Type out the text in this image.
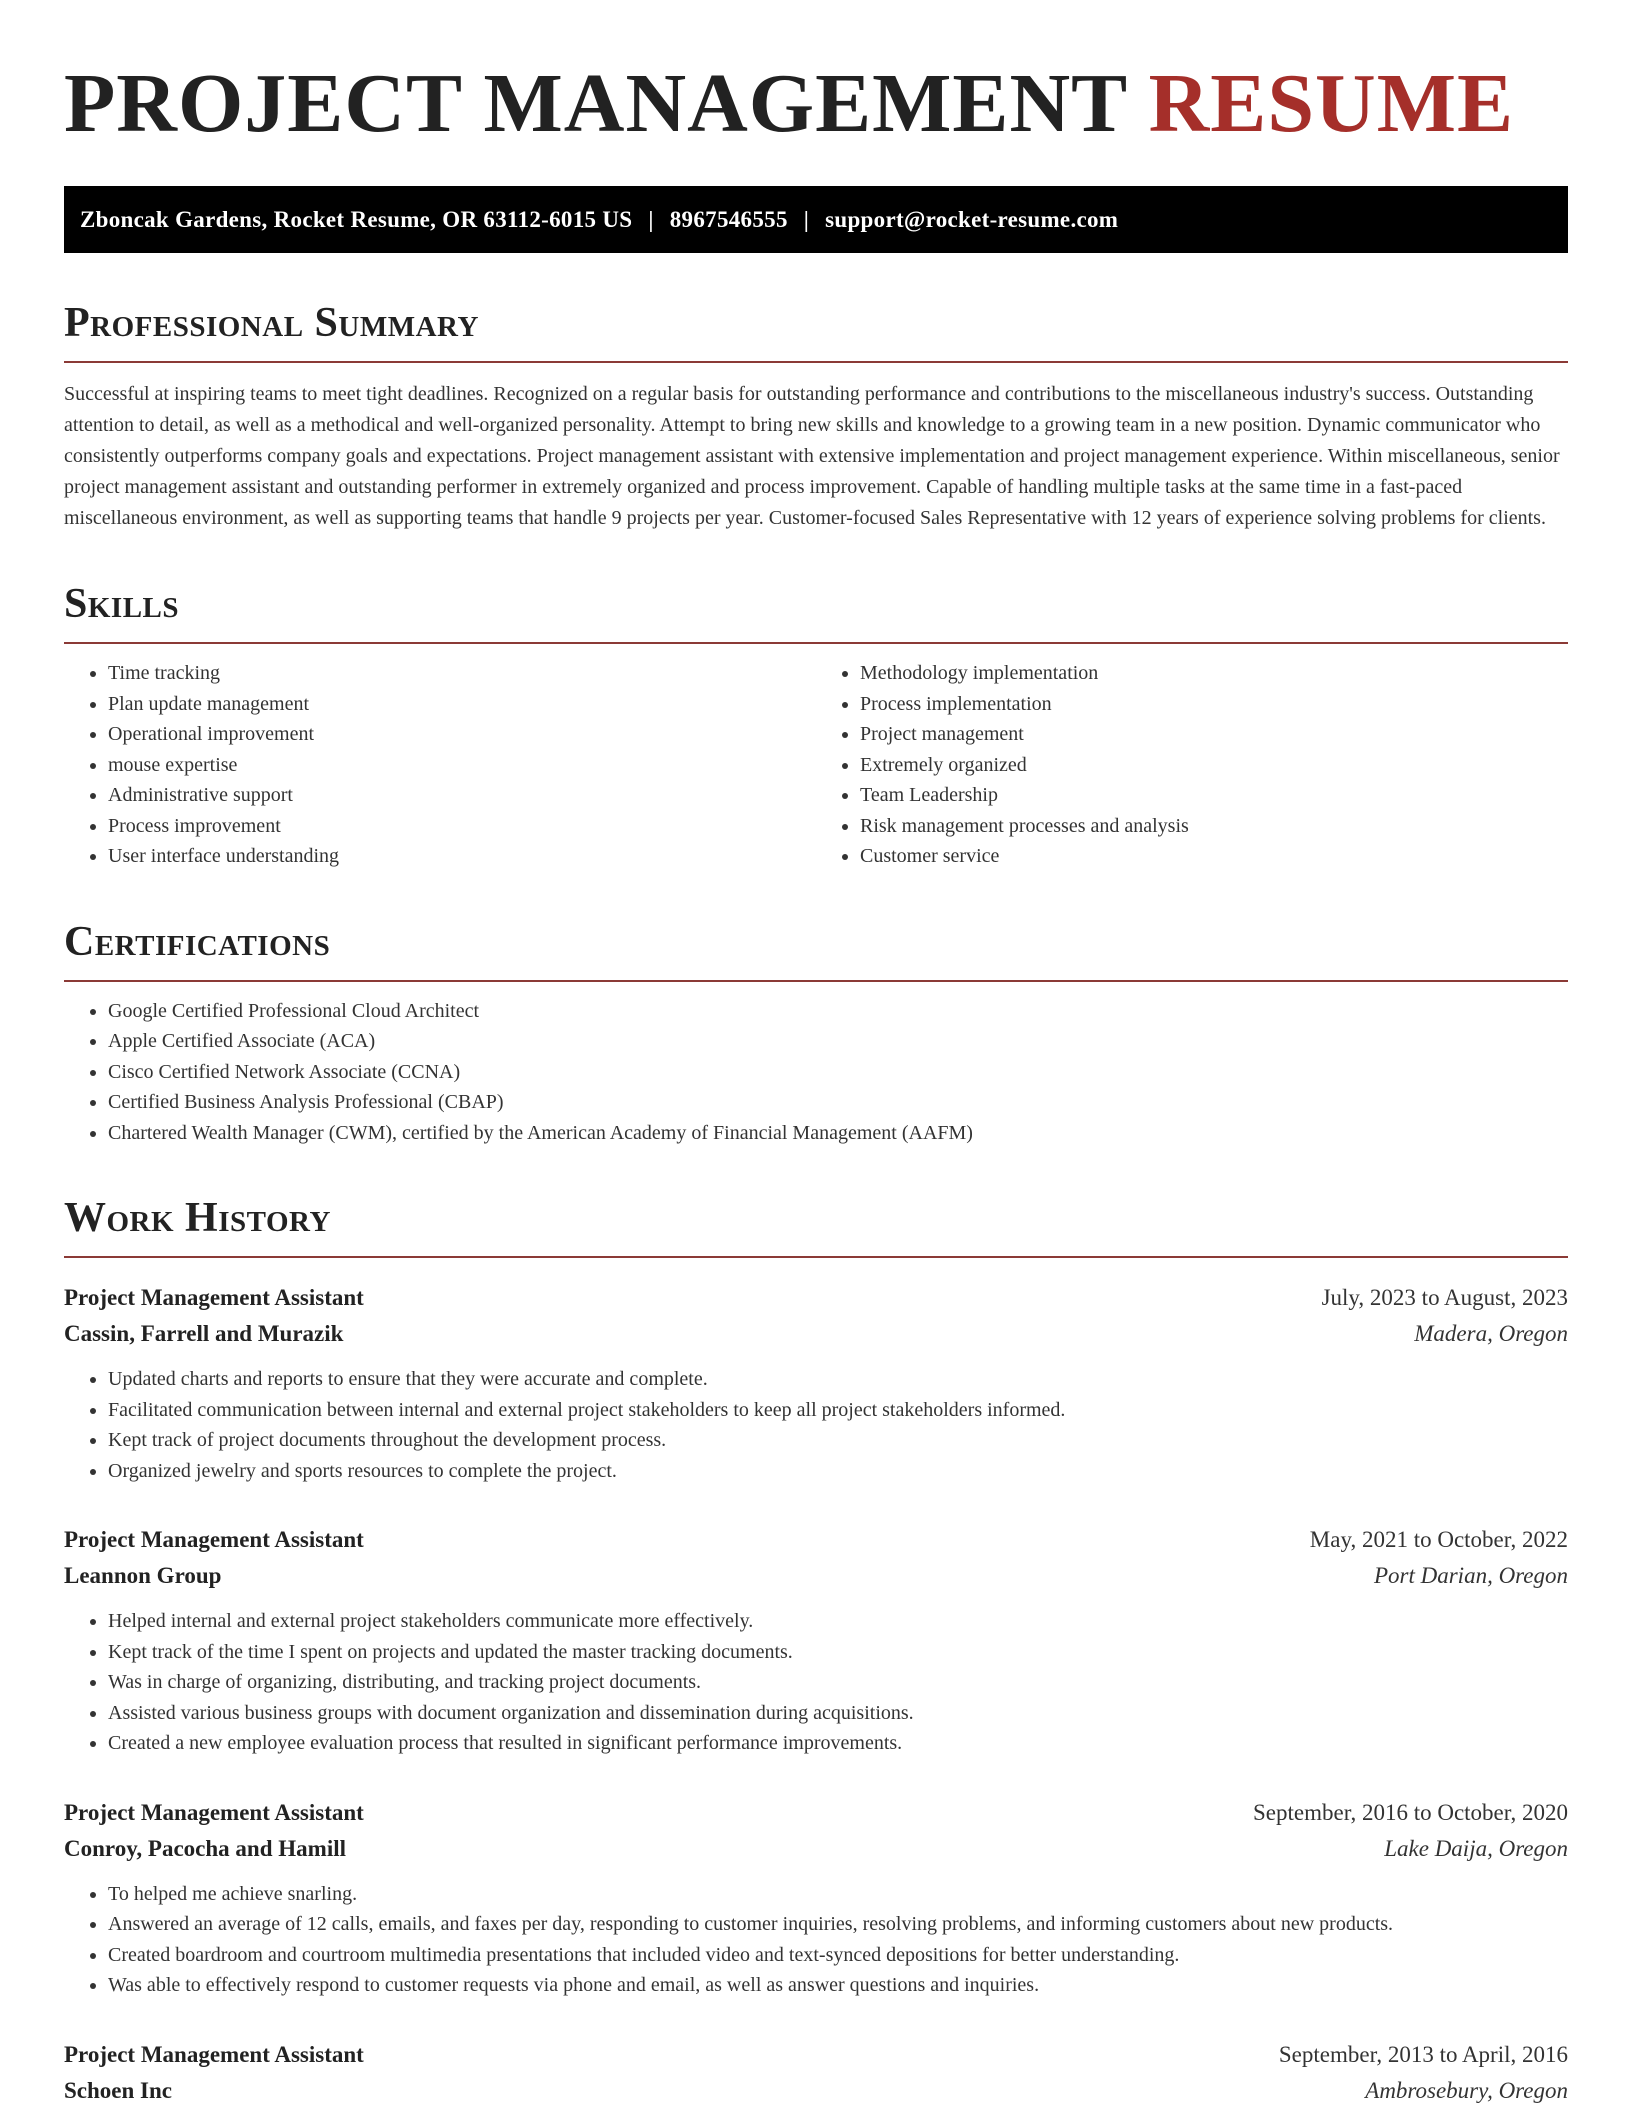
PROJECT MANAGEMENT RESUME
Zboncak Gardens, Rocket Resume, OR 63112-6015 US | 8967546555 | support@rocket-resume.com
Professional Summary

Successful at inspiring teams to meet tight deadlines. Recognized on a regular basis for outstanding performance and contributions to the miscellaneous industry's success. Outstanding attention to detail, as well as a methodical and well-organized personality. Attempt to bring new skills and knowledge to a growing team in a new position. Dynamic communicator who consistently outperforms company goals and expectations. Project management assistant with extensive implementation and project management experience. Within miscellaneous, senior project management assistant and outstanding performer in extremely organized and process improvement. Capable of handling multiple tasks at the same time in a fast-paced miscellaneous environment, as well as supporting teams that handle 9 projects per year. Customer-focused Sales Representative with 12 years of experience solving problems for clients.

Skills
• Time tracking
• Plan update management
• Operational improvement
• mouse expertise
• Administrative support
• Process improvement
• User interface understanding
• Methodology implementation
• Process implementation
• Project management
• Extremely organized
• Team Leadership
• Risk management processes and analysis
• Customer service
Certifications
• Google Certified Professional Cloud Architect
• Apple Certified Associate (ACA)
• Cisco Certified Network Associate (CCNA)
• Certified Business Analysis Professional (CBAP)
• Chartered Wealth Manager (CWM), certified by the American Academy of Financial Management (AAFM)
Work History
Project Management Assistant	July, 2023 to August, 2023
Cassin, Farrell and Murazik	Madera, Oregon
• Updated charts and reports to ensure that they were accurate and complete.
• Facilitated communication between internal and external project stakeholders to keep all project stakeholders informed.
• Kept track of project documents throughout the development process.
• Organized jewelry and sports resources to complete the project.
Project Management Assistant	May, 2021 to October, 2022
Leannon Group	Port Darian, Oregon
• Helped internal and external project stakeholders communicate more effectively.
• Kept track of the time I spent on projects and updated the master tracking documents.
• Was in charge of organizing, distributing, and tracking project documents.
• Assisted various business groups with document organization and dissemination during acquisitions.
• Created a new employee evaluation process that resulted in significant performance improvements.
Project Management Assistant	September, 2016 to October, 2020
Conroy, Pacocha and Hamill	Lake Daija, Oregon
• To helped me achieve snarling.
• Answered an average of 12 calls, emails, and faxes per day, responding to customer inquiries, resolving problems, and informing customers about new products.
• Created boardroom and courtroom multimedia presentations that included video and text-synced depositions for better understanding.
• Was able to effectively respond to customer requests via phone and email, as well as answer questions and inquiries.
Project Management Assistant	September, 2013 to April, 2016
Schoen Inc	Ambrosebury, Oregon
